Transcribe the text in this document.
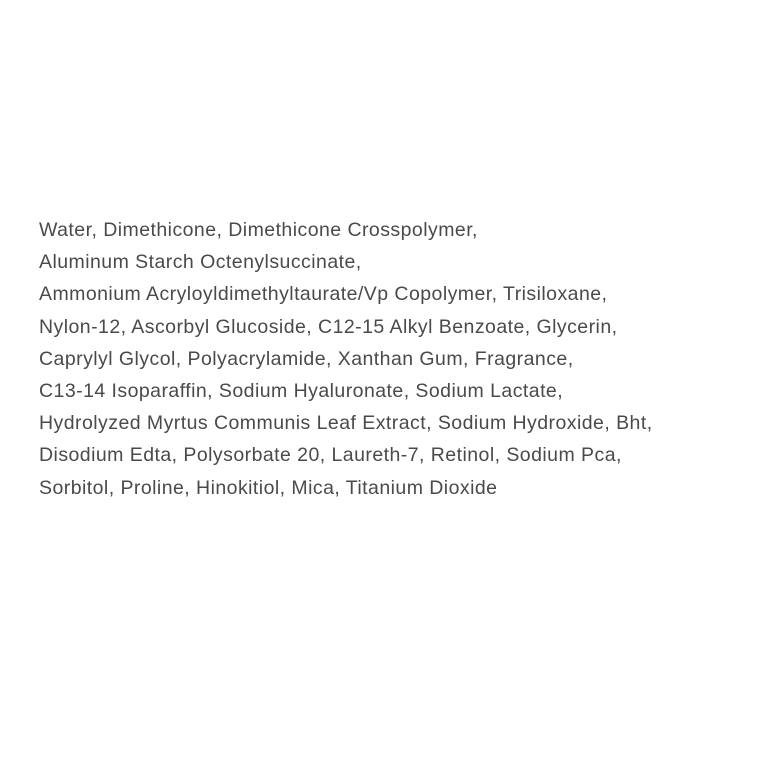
Water, Dimethicone, Dimethicone Crosspolymer,
Aluminum Starch Octenylsuccinate,
Ammonium Acryloyldimethyltaurate/Vp Copolymer, Trisiloxane,
Nylon-12, Ascorbyl Glucoside, C12-15 Alkyl Benzoate, Glycerin,
Caprylyl Glycol, Polyacrylamide, Xanthan Gum, Fragrance,
C13-14 Isoparaffin, Sodium Hyaluronate, Sodium Lactate,
Hydrolyzed Myrtus Communis Leaf Extract, Sodium Hydroxide, Bht,
Disodium Edta, Polysorbate 20, Laureth-7, Retinol, Sodium Pca,
Sorbitol, Proline, Hinokitiol, Mica, Titanium Dioxide
